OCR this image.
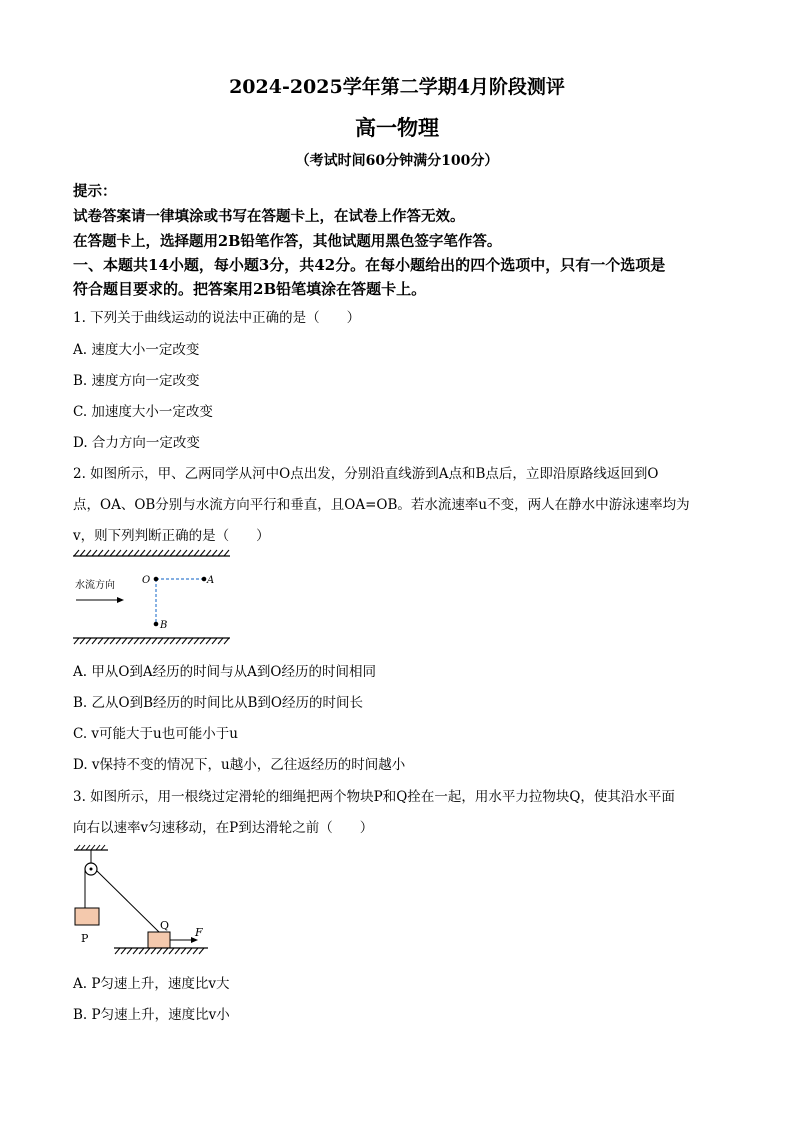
2024-2025学年第二学期4月阶段测评
高一物理
（考试时间60分钟满分100分）
提示：
试卷答案请一律填涂或书写在答题卡上，在试卷上作答无效。
在答题卡上，选择题用2B铅笔作答，其他试题用黑色签字笔作答。
一、本题共14小题，每小题3分，共42分。在每小题给出的四个选项中，只有一个选项是
符合题目要求的。把答案用2B铅笔填涂在答题卡上。
1. 下列关于曲线运动的说法中正确的是（　　）
A. 速度大小一定改变
B. 速度方向一定改变
C. 加速度大小一定改变
D. 合力方向一定改变
2. 如图所示，甲、乙两同学从河中O点出发，分别沿直线游到A点和B点后，立即沿原路线返回到O
点，OA、OB分别与水流方向平行和垂直，且OA=OB。若水流速率u不变，两人在静水中游泳速率均为
v，则下列判断正确的是（　　）
水流方向	O	A
B
A. 甲从O到A经历的时间与从A到O经历的时间相同
B. 乙从O到B经历的时间比从B到O经历的时间长
C. v可能大于u也可能小于u
D. v保持不变的情况下，u越小，乙往返经历的时间越小
3. 如图所示，用一根绕过定滑轮的细绳把两个物块P和Q拴在一起，用水平力拉物块Q，使其沿水平面
向右以速率v匀速移动，在P到达滑轮之前（　　）
P
Q
F
A. P匀速上升，速度比v大
B. P匀速上升，速度比v小
